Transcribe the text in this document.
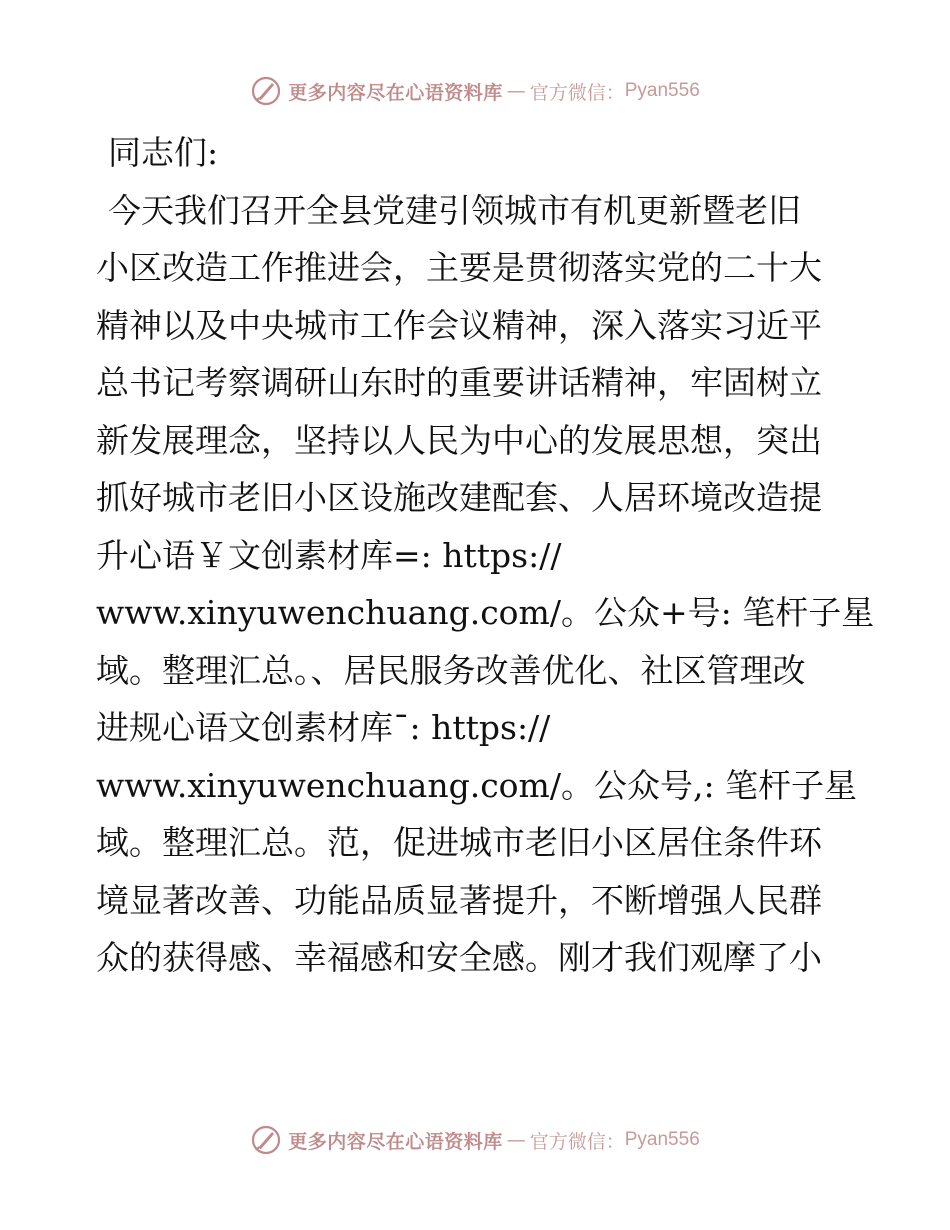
更多内容尽在心语资料库 — 官方微信： Pyan556
同志们:
今天我们召开全县党建引领城市有机更新暨老旧
小区改造工作推进会，主要是贯彻落实党的二十大
精神以及中央城市工作会议精神，深入落实习近平
总书记考察调研山东时的重要讲话精神，牢固树立
新发展理念，坚持以人民为中心的发展思想，突出
抓好城市老旧小区设施改建配套、人居环境改造提
升心语￥文创素材库=: https://
www.xinyuwenchuang.com/。公众+号: 笔杆子星
域。整理汇总。、居民服务改善优化、社区管理改
进规心语文创素材库¯: https://
www.xinyuwenchuang.com/。公众号,: 笔杆子星
域。整理汇总。范，促进城市老旧小区居住条件环
境显著改善、功能品质显著提升，不断增强人民群
众的获得感、幸福感和安全感。刚才我们观摩了小
更多内容尽在心语资料库 — 官方微信： Pyan556
